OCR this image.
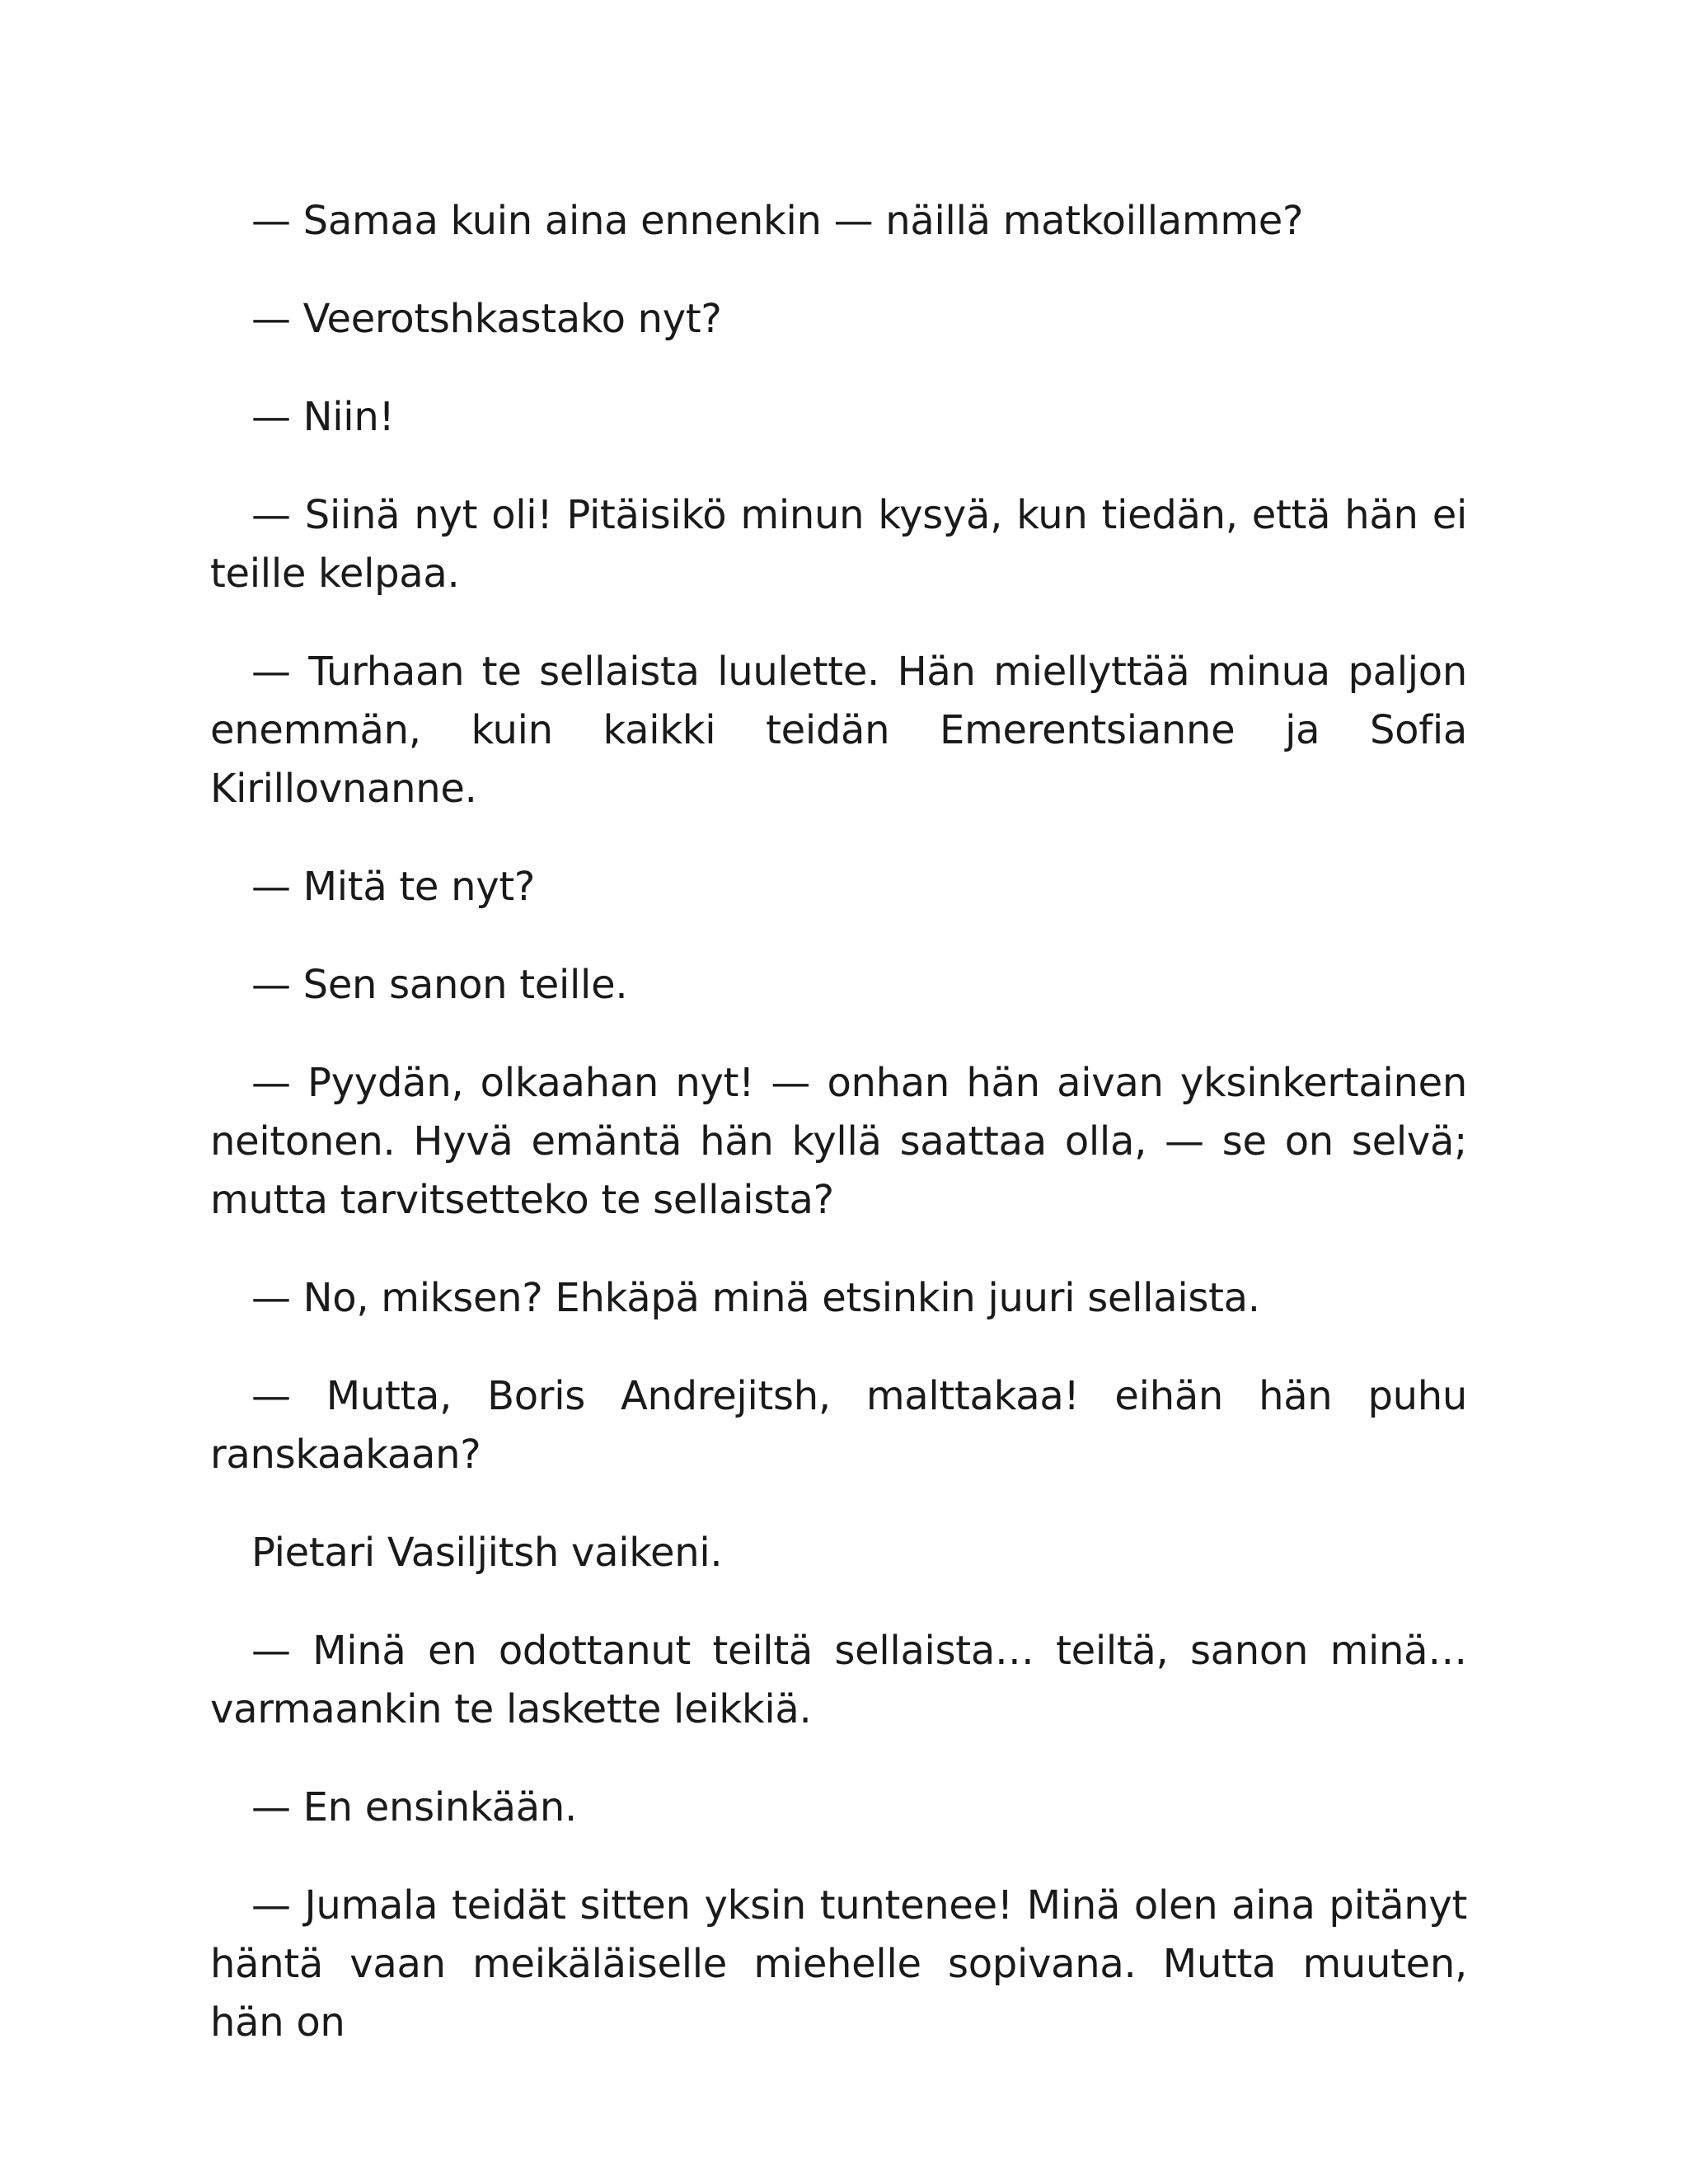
— Samaa kuin aina ennenkin — näillä matkoillamme?

— Veerotshkastako nyt?

— Niin!

— Siinä nyt oli! Pitäisikö minun kysyä, kun tiedän, että hän ei teille kelpaa.

— Turhaan te sellaista luulette. Hän miellyttää minua paljon enemmän, kuin kaikki teidän Emerentsianne ja Sofia Kirillovnanne.

— Mitä te nyt?

— Sen sanon teille.

— Pyydän, olkaahan nyt! — onhan hän aivan yksinkertainen neitonen. Hyvä emäntä hän kyllä saattaa olla, — se on selvä; mutta tarvitsetteko te sellaista?

— No, miksen? Ehkäpä minä etsinkin juuri sellaista.

— Mutta, Boris Andrejitsh, malttakaa! eihän hän puhu ranskaakaan?

Pietari Vasiljitsh vaikeni.

— Minä en odottanut teiltä sellaista… teiltä, sanon minä… varmaankin te laskette leikkiä.

— En ensinkään.

— Jumala teidät sitten yksin tuntenee! Minä olen aina pitänyt häntä vaan meikäläiselle miehelle sopivana. Mutta muuten, hän on
